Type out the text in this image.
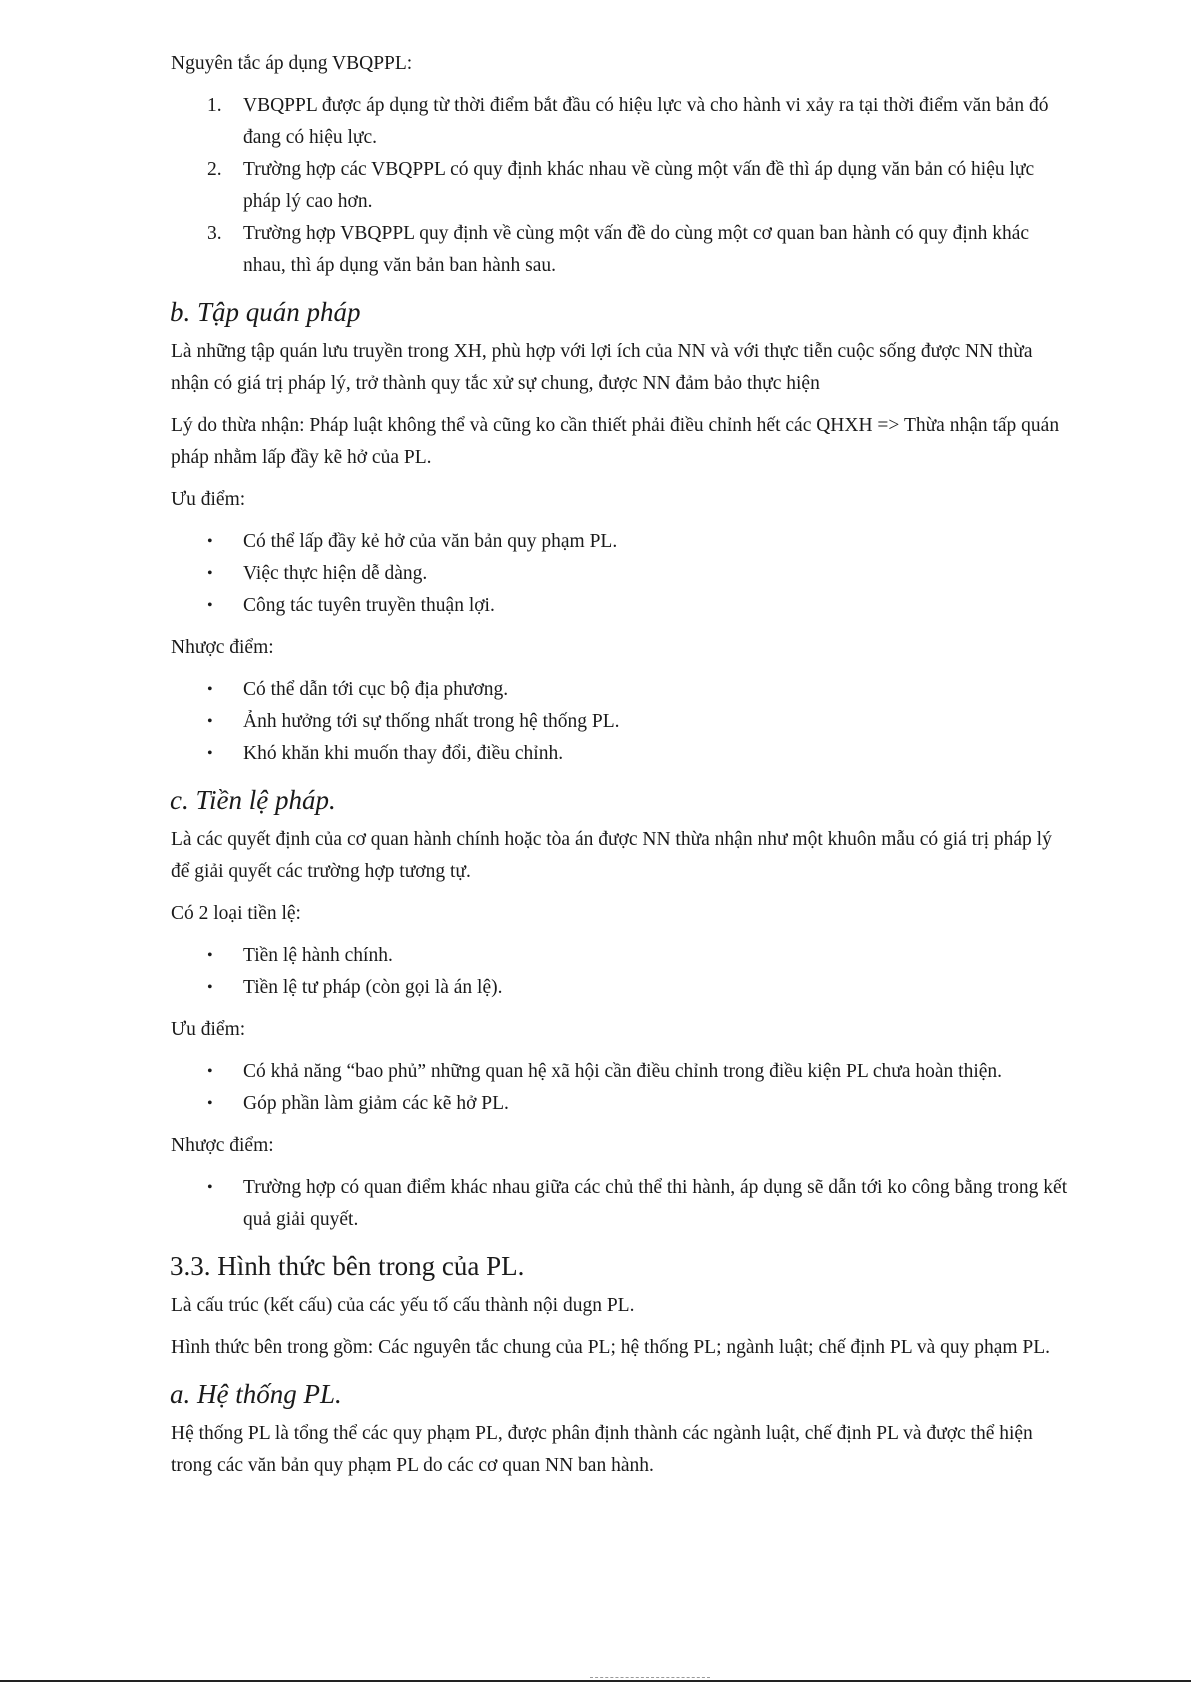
Nguyên tắc áp dụng VBQPPL:

1. VBQPPL được áp dụng từ thời điểm bắt đầu có hiệu lực và cho hành vi xảy ra tại thời điểm văn bản đó đang có hiệu lực.
2. Trường hợp các VBQPPL có quy định khác nhau về cùng một vấn đề thì áp dụng văn bản có hiệu lực pháp lý cao hơn.
3. Trường hợp VBQPPL quy định về cùng một vấn đề do cùng một cơ quan ban hành có quy định khác nhau, thì áp dụng văn bản ban hành sau.
b. Tập quán pháp

Là những tập quán lưu truyền trong XH, phù hợp với lợi ích của NN và với thực tiễn cuộc sống được NN thừa nhận có giá trị pháp lý, trở thành quy tắc xử sự chung, được NN đảm bảo thực hiện

Lý do thừa nhận: Pháp luật không thể và cũng ko cần thiết phải điều chỉnh hết các QHXH => Thừa nhận tấp quán pháp nhằm lấp đầy kẽ hở của PL.

Ưu điểm:

• Có thể lấp đầy kẻ hở của văn bản quy phạm PL.
• Việc thực hiện dễ dàng.
• Công tác tuyên truyền thuận lợi.

Nhược điểm:

• Có thể dẫn tới cục bộ địa phương.
• Ảnh hưởng tới sự thống nhất trong hệ thống PL.
• Khó khăn khi muốn thay đổi, điều chỉnh.
c. Tiền lệ pháp.

Là các quyết định của cơ quan hành chính hoặc tòa án được NN thừa nhận như một khuôn mẫu có giá trị pháp lý để giải quyết các trường hợp tương tự.

Có 2 loại tiền lệ:

• Tiền lệ hành chính.
• Tiền lệ tư pháp (còn gọi là án lệ).

Ưu điểm:

• Có khả năng “bao phủ” những quan hệ xã hội cần điều chỉnh trong điều kiện PL chưa hoàn thiện.
• Góp phần làm giảm các kẽ hở PL.

Nhược điểm:

• Trường hợp có quan điểm khác nhau giữa các chủ thể thi hành, áp dụng sẽ dẫn tới ko công bằng trong kết quả giải quyết.
3.3. Hình thức bên trong của PL.

Là cấu trúc (kết cấu) của các yếu tố cấu thành nội dugn PL.

Hình thức bên trong gồm: Các nguyên tắc chung của PL; hệ thống PL; ngành luật; chế định PL và quy phạm PL.

a. Hệ thống PL.

Hệ thống PL là tổng thể các quy phạm PL, được phân định thành các ngành luật, chế định PL và được thể hiện trong các văn bản quy phạm PL do các cơ quan NN ban hành.
